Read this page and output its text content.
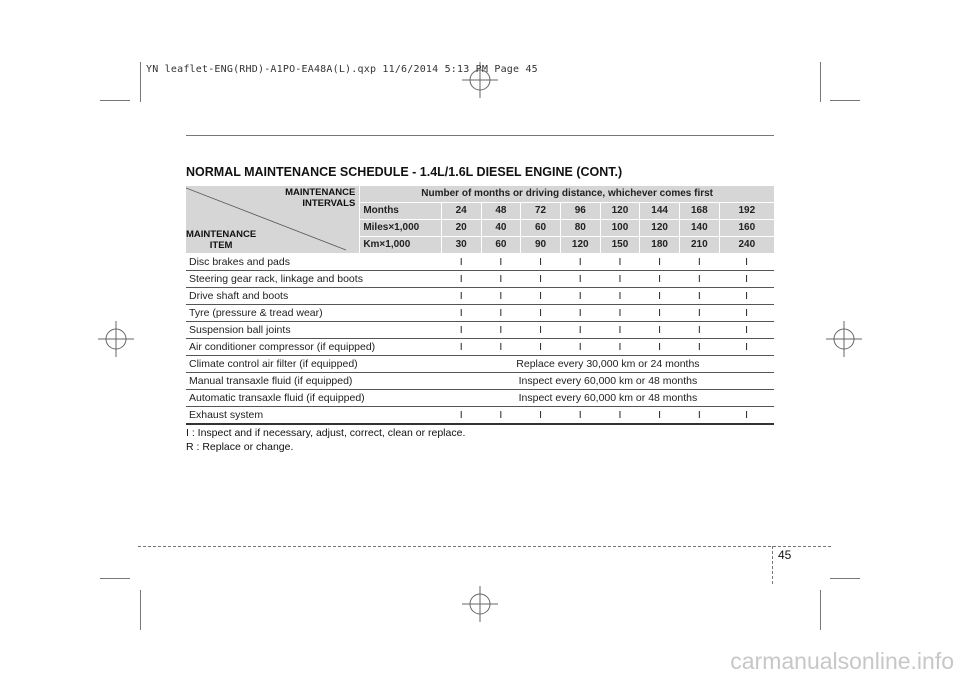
YN leaflet-ENG(RHD)-A1PO-EA48A(L).qxp 11/6/2014 5:13 PM Page 45
NORMAL MAINTENANCE SCHEDULE - 1.4L/1.6L DIESEL ENGINE (CONT.)
MAINTENANCE
INTERVALS
MAINTENANCE
ITEM	Number of months or driving distance, whichever comes first								
	Months	24	48	72	96	120	144	168	192
	Miles×1,000	20	40	60	80	100	120	140	160
	Km×1,000	30	60	90	120	150	180	210	240
Disc brakes and pads		I	I	I	I	I	I	I	I
Steering gear rack, linkage and boots		I	I	I	I	I	I	I	I
Drive shaft and boots		I	I	I	I	I	I	I	I
Tyre (pressure & tread wear)		I	I	I	I	I	I	I	I
Suspension ball joints		I	I	I	I	I	I	I	I
Air conditioner compressor (if equipped)		I	I	I	I	I	I	I	I
Climate control air filter (if equipped)		Replace every 30,000 km or 24 months							
Manual transaxle fluid (if equipped)		Inspect every 60,000 km or 48 months							
Automatic transaxle fluid (if equipped)		Inspect every 60,000 km or 48 months							
Exhaust system		I	I	I	I	I	I	I	I
I : Inspect and if necessary, adjust, correct, clean or replace.
R : Replace or change.
45
carmanualsonline.info
